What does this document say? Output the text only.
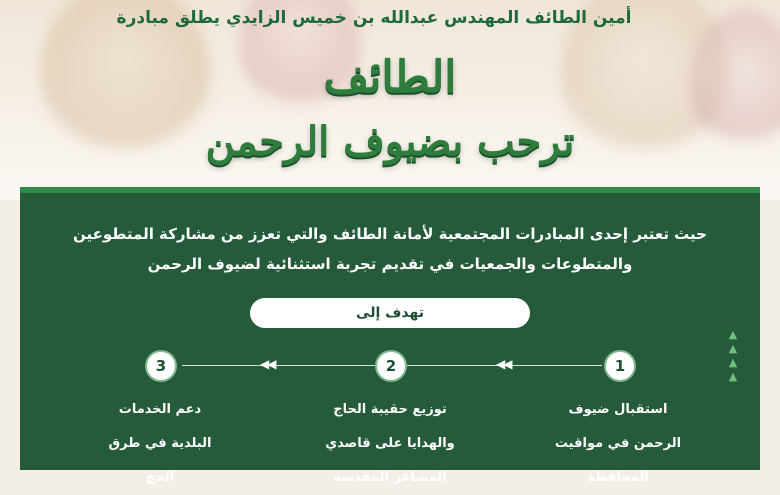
أمين الطائف المهندس عبدالله بن خميس الزايدي يطلق مبادرة
الطائف
ترحب بضيوف الرحمن
حيث تعتبر إحدى المبادرات المجتمعية لأمانة الطائف والتي تعزز من مشاركة المتطوعين
والمتطوعات والجمعيات في تقديم تجربة استثنائية لضيوف الرحمن
تهدف إلى
▲
▲
▲
▲
1
◀◀
2
◀◀
3
استقبال ضيوف
الرحمن في مواقيت
المحافظة
توزيع حقيبة الحاج
والهدايا على قاصدي
المشاعر المقدسة
دعم الخدمات
البلدية في طرق
الحج
